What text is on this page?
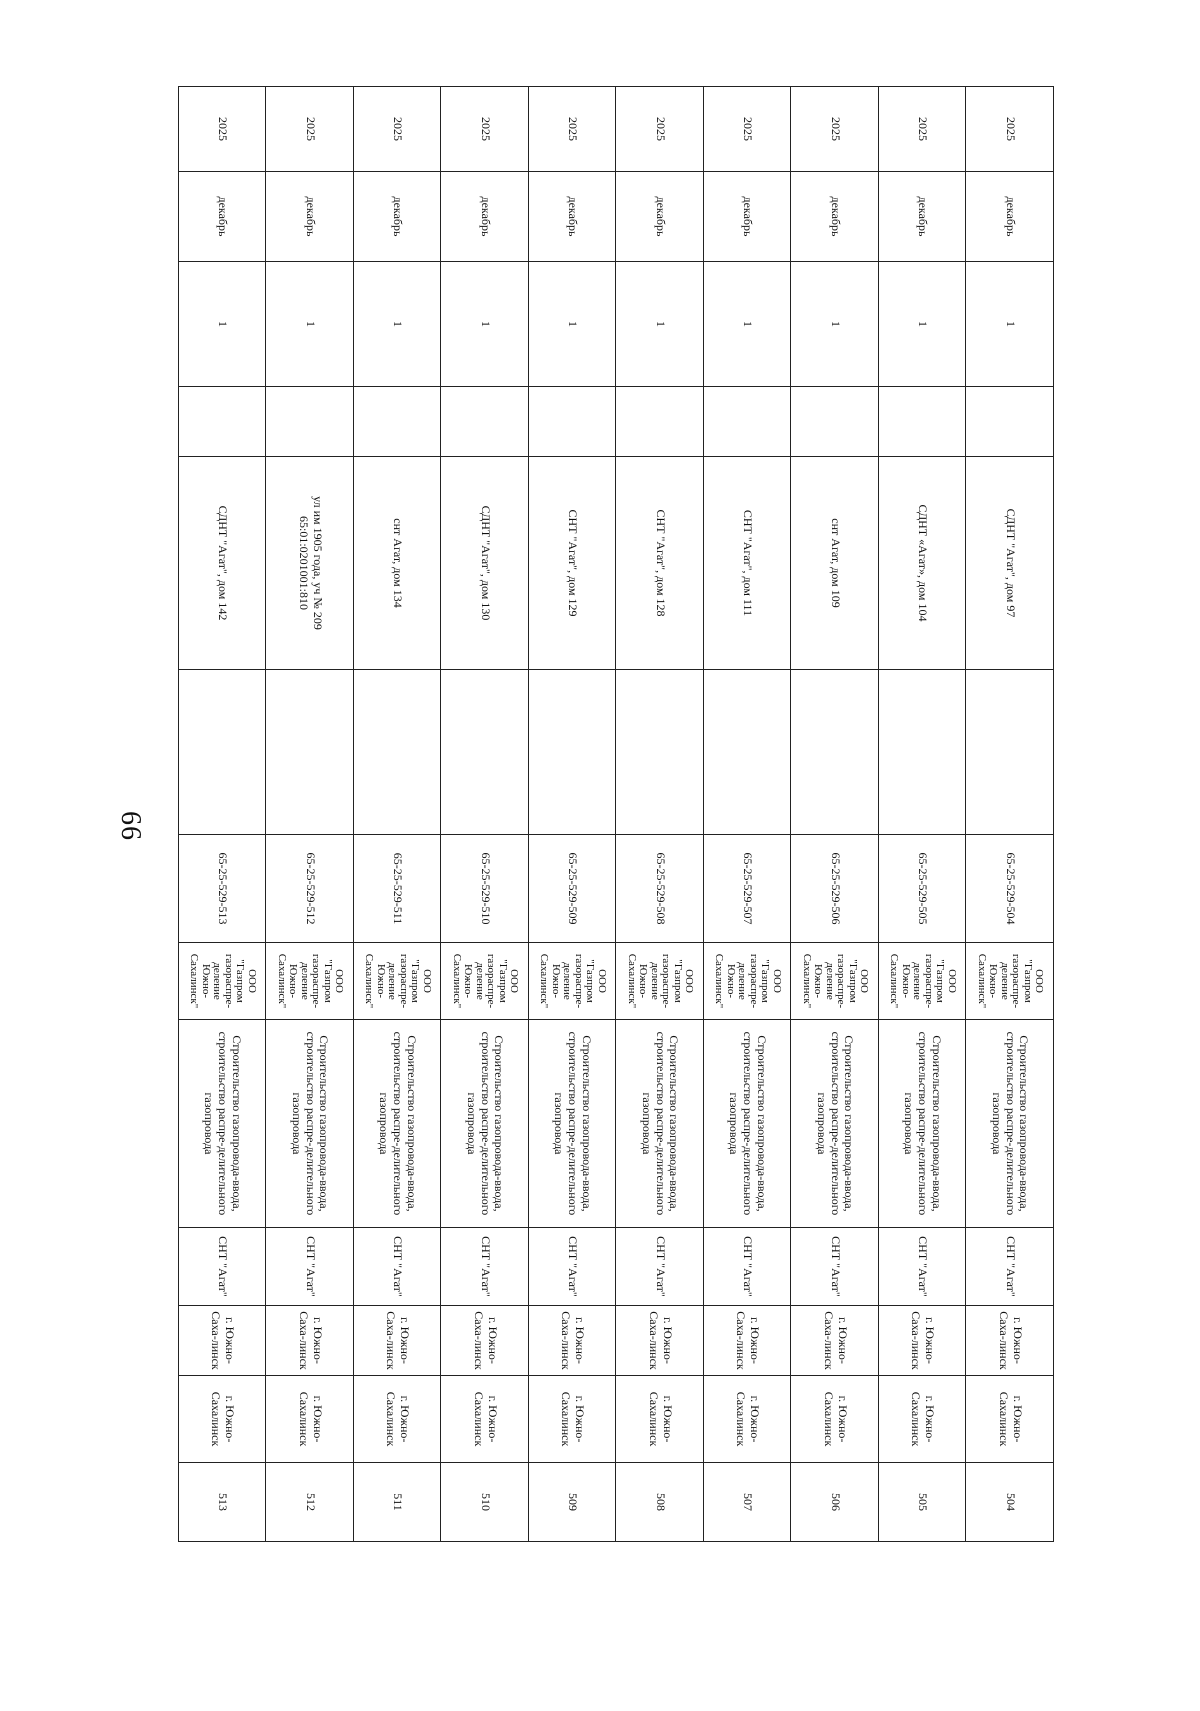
66
2025	декабрь	1		СДНТ "Агат", дом 97		65-25-529-504	ООО "Газпром газораспре-деление Южно-Сахалинск"	Строительство газопровода-ввода, строительство распре-делительного газопровода	СНТ "Агат"	г. Южно-Саха-линск	г. Южно-Сахалинск	504
2025	декабрь	1		СДНТ «Агат», дом 104		65-25-529-505	ООО "Газпром газораспре-деление Южно-Сахалинск"	Строительство газопровода-ввода, строительство распре-делительного газопровода	СНТ "Агат"	г. Южно-Саха-линск	г. Южно-Сахалинск	505
2025	декабрь	1		снт Агат, дом 109		65-25-529-506	ООО "Газпром газораспре-деление Южно-Сахалинск"	Строительство газопровода-ввода, строительство распре-делительного газопровода	СНТ "Агат"	г. Южно-Саха-линск	г. Южно-Сахалинск	506
2025	декабрь	1		СНТ "Агат", дом 111		65-25-529-507	ООО "Газпром газораспре-деление Южно-Сахалинск"	Строительство газопровода-ввода, строительство распре-делительного газопровода	СНТ "Агат"	г. Южно-Саха-линск	г. Южно-Сахалинск	507
2025	декабрь	1		СНТ "Агат", дом 128		65-25-529-508	ООО "Газпром газораспре-деление Южно-Сахалинск"	Строительство газопровода-ввода, строительство распре-делительного газопровода	СНТ "Агат"	г. Южно-Саха-линск	г. Южно-Сахалинск	508
2025	декабрь	1		СНТ "Агат", дом 129		65-25-529-509	ООО "Газпром газораспре-деление Южно-Сахалинск"	Строительство газопровода-ввода, строительство распре-делительного газопровода	СНТ "Агат"	г. Южно-Саха-линск	г. Южно-Сахалинск	509
2025	декабрь	1		СДНТ "Агат", дом 130		65-25-529-510	ООО "Газпром газораспре-деление Южно-Сахалинск"	Строительство газопровода-ввода, строительство распре-делительного газопровода	СНТ "Агат"	г. Южно-Саха-линск	г. Южно-Сахалинск	510
2025	декабрь	1		снт Агат, дом 134		65-25-529-511	ООО "Газпром газораспре-деление Южно-Сахалинск"	Строительство газопровода-ввода, строительство распре-делительного газопровода	СНТ "Агат"	г. Южно-Саха-линск	г. Южно-Сахалинск	511
2025	декабрь	1		ул им 1905 года, уч № 209 65:01:0201001:810		65-25-529-512	ООО "Газпром газораспре-деление Южно-Сахалинск"	Строительство газопровода-ввода, строительство распре-делительного газопровода	СНТ "Агат"	г. Южно-Саха-линск	г. Южно-Сахалинск	512
2025	декабрь	1		СДНТ "Агат", дом 142		65-25-529-513	ООО "Газпром газораспре-деление Южно-Сахалинск"	Строительство газопровода-ввода, строительство распре-делительного газопровода	СНТ "Агат"	г. Южно-Саха-линск	г. Южно-Сахалинск	513
